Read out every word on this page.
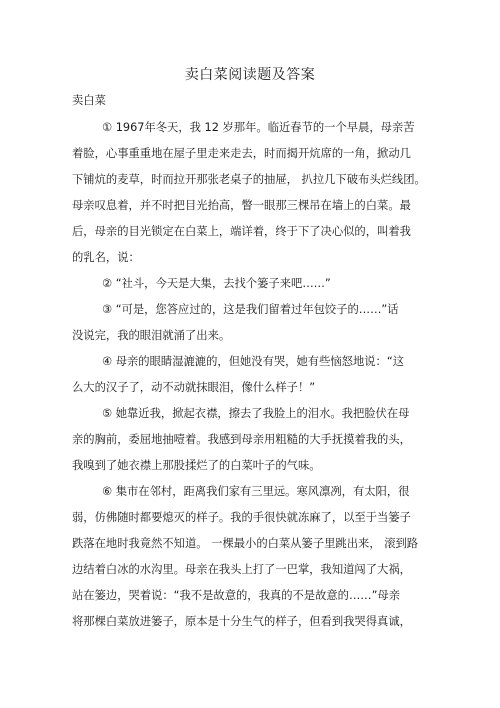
卖白菜阅读题及答案
卖白菜
① 1967年冬天，我 12 岁那年。临近春节的一个早晨，母亲苦
着脸，心事重重地在屋子里走来走去，时而揭开炕席的一角，掀动几
下铺炕的麦草，时而拉开那张老桌子的抽屉， 扒拉几下破布头烂线团。
母亲叹息着，并不时把目光抬高，瞥一眼那三棵吊在墙上的白菜。最
后，母亲的目光锁定在白菜上，端详着，终于下了决心似的，叫着我
的乳名，说：
② “社斗，今天是大集，去找个篓子来吧……”
③ “可是，您答应过的，这是我们留着过年包饺子的……”话
没说完，我的眼泪就涌了出来。
④ 母亲的眼睛湿漉漉的，但她没有哭，她有些恼怒地说：“这
么大的汉子了，动不动就抹眼泪，像什么样子！”
⑤ 她靠近我，掀起衣襟，擦去了我脸上的泪水。我把脸伏在母
亲的胸前，委屈地抽噎着。我感到母亲用粗糙的大手抚摸着我的头，
我嗅到了她衣襟上那股揉烂了的白菜叶子的气味。
⑥ 集市在邻村，距离我们家有三里远。寒风凛冽，有太阳，很
弱，仿佛随时都要熄灭的样子。我的手很快就冻麻了，以至于当篓子
跌落在地时我竟然不知道。 一棵最小的白菜从篓子里跳出来， 滚到路
边结着白冰的水沟里。母亲在我头上打了一巴掌，我知道闯了大祸，
站在篓边，哭着说：“我不是故意的，我真的不是故意的……”母亲
将那棵白菜放进篓子，原本是十分生气的样子，但看到我哭得真诚，
